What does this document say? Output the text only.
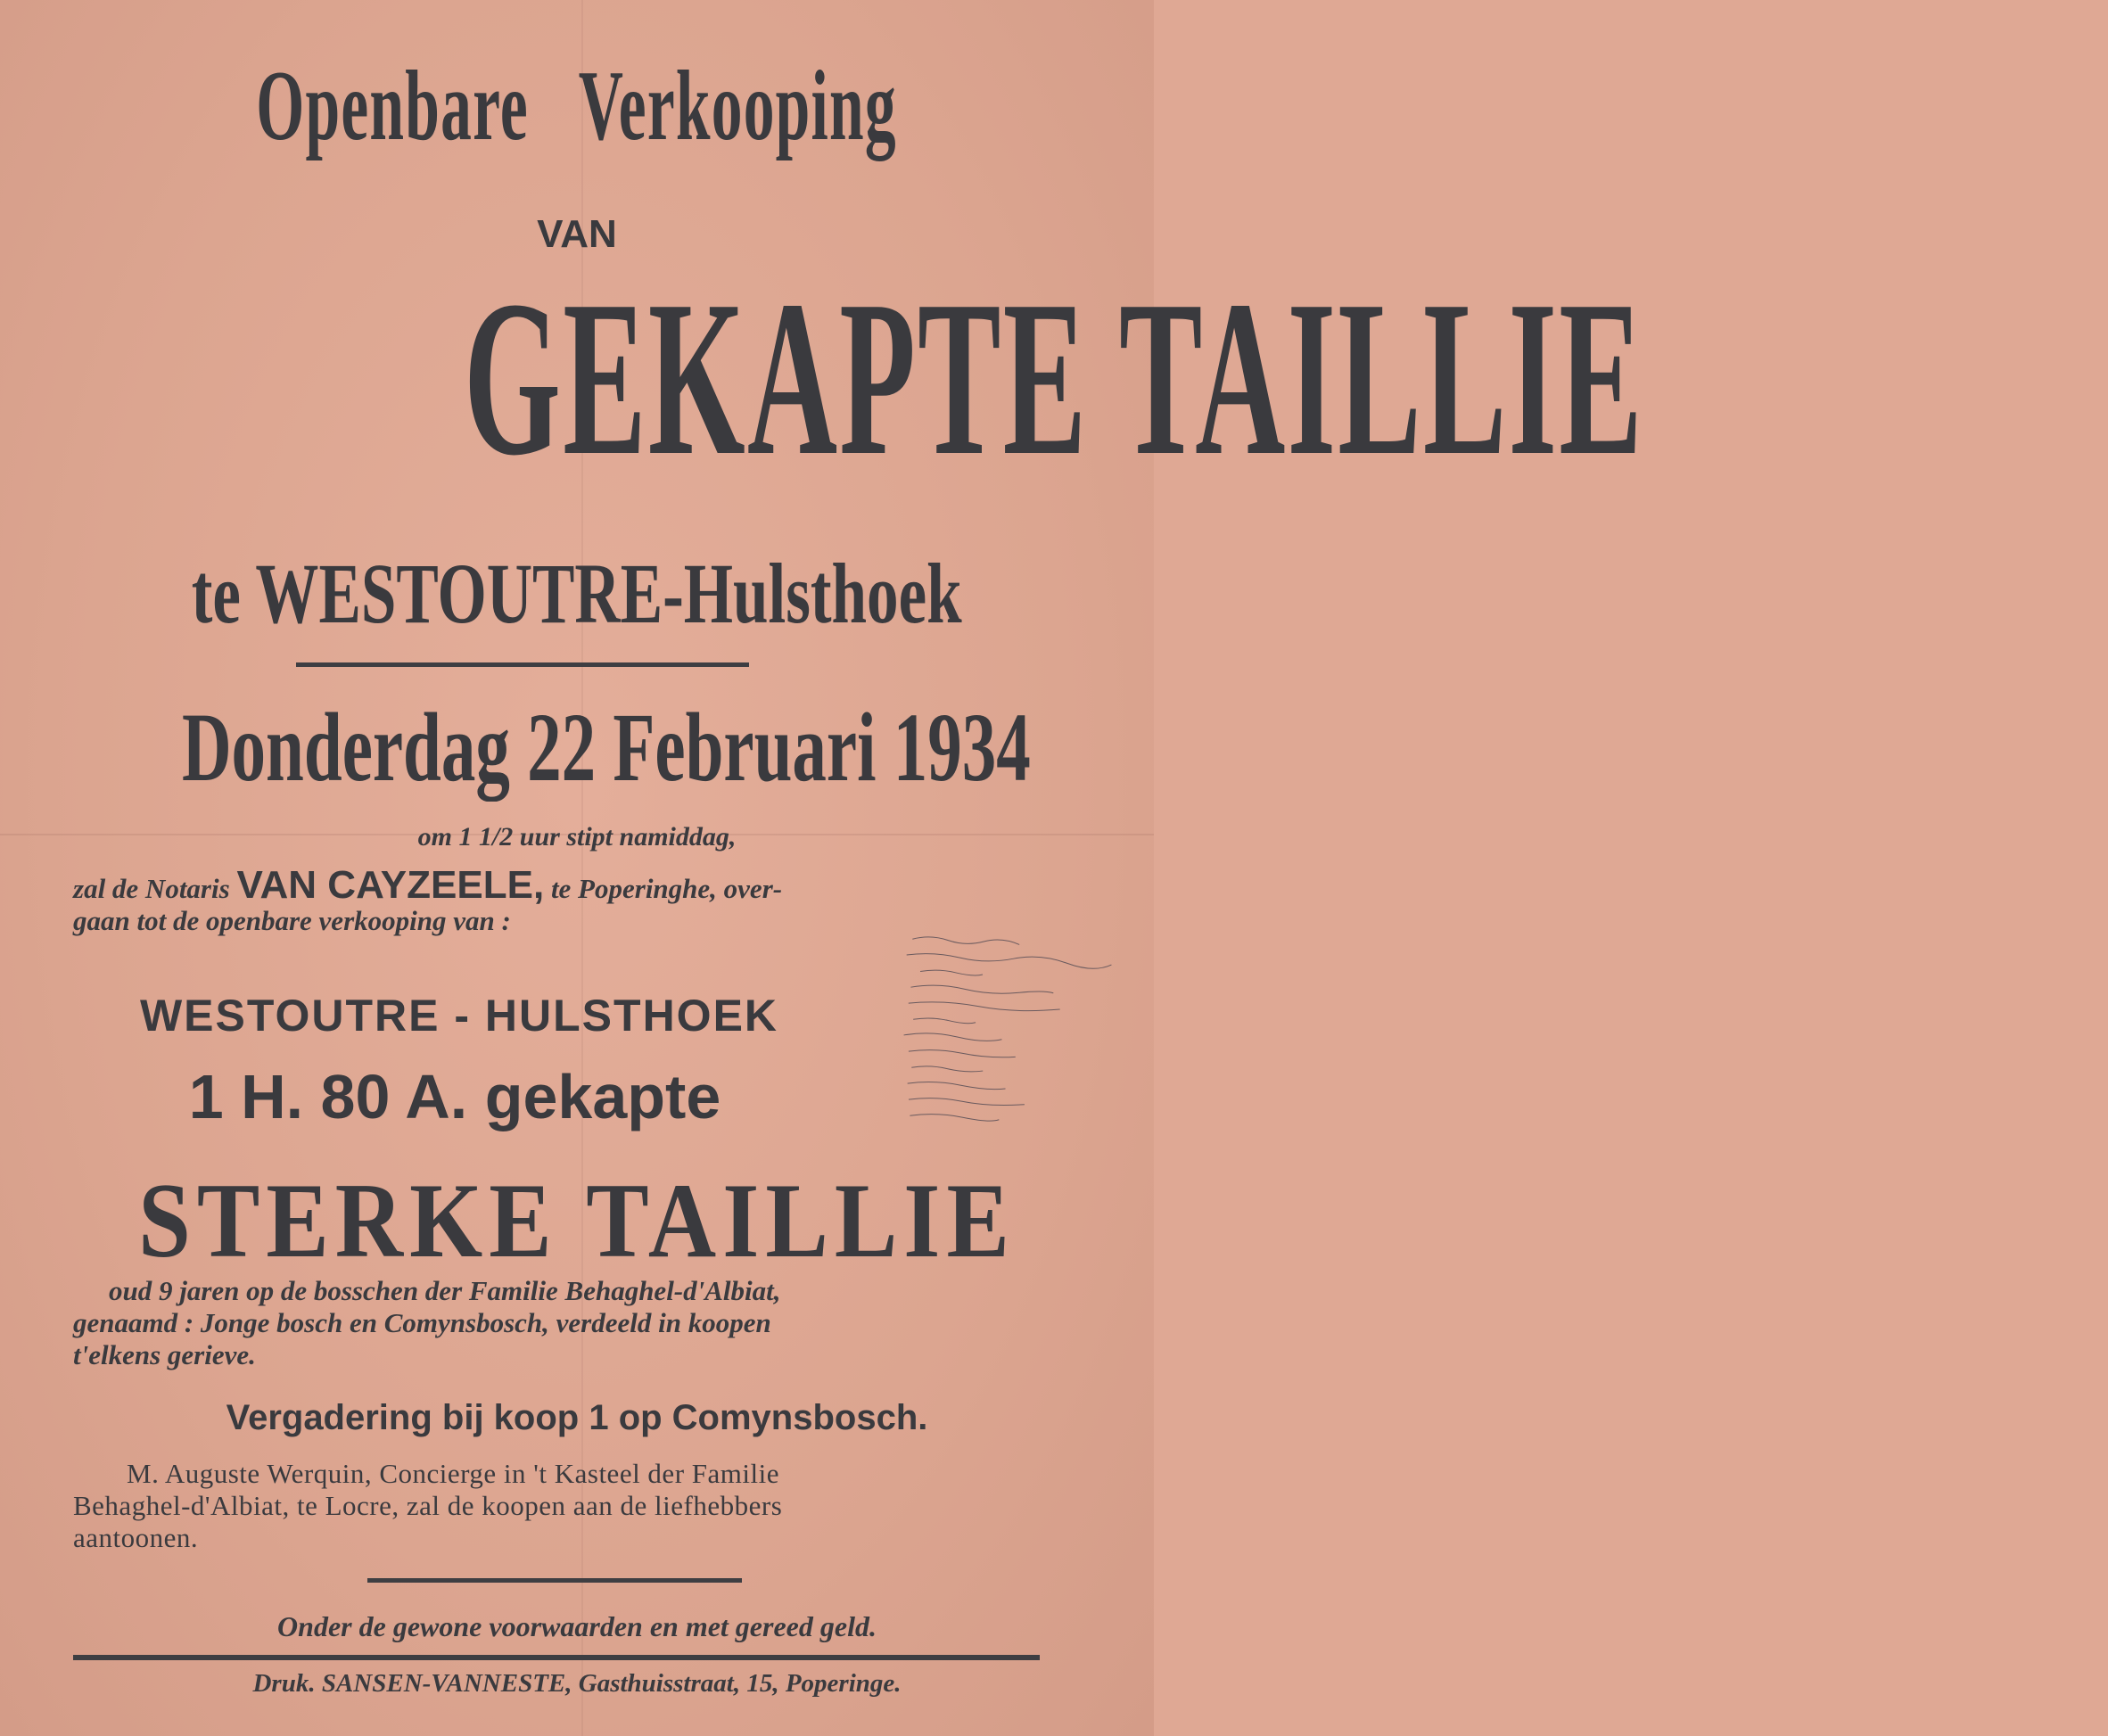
Openbare Verkooping
VAN
GEKAPTE TAILLIE
te WESTOUTRE-Hulsthoek
Donderdag 22 Februari 1934
om 1 1/2 uur stipt namiddag,
zal de Notaris VAN CAYZEELE, te Poperinghe, over-
gaan tot de openbare verkooping van :
WESTOUTRE - HULSTHOEK
1 H. 80 A. gekapte
STERKE TAILLIE
oud 9 jaren op de bosschen der Familie Behaghel-d'Albiat,
genaamd : Jonge bosch en Comynsbosch, verdeeld in koopen
t'elkens gerieve.
Vergadering bij koop 1 op Comynsbosch.
M. Auguste Werquin, Concierge in 't Kasteel der Familie
Behaghel-d'Albiat, te Locre, zal de koopen aan de liefhebbers
aantoonen.
Onder de gewone voorwaarden en met gereed geld.
Druk. SANSEN-VANNESTE, Gasthuisstraat, 15, Poperinge.
